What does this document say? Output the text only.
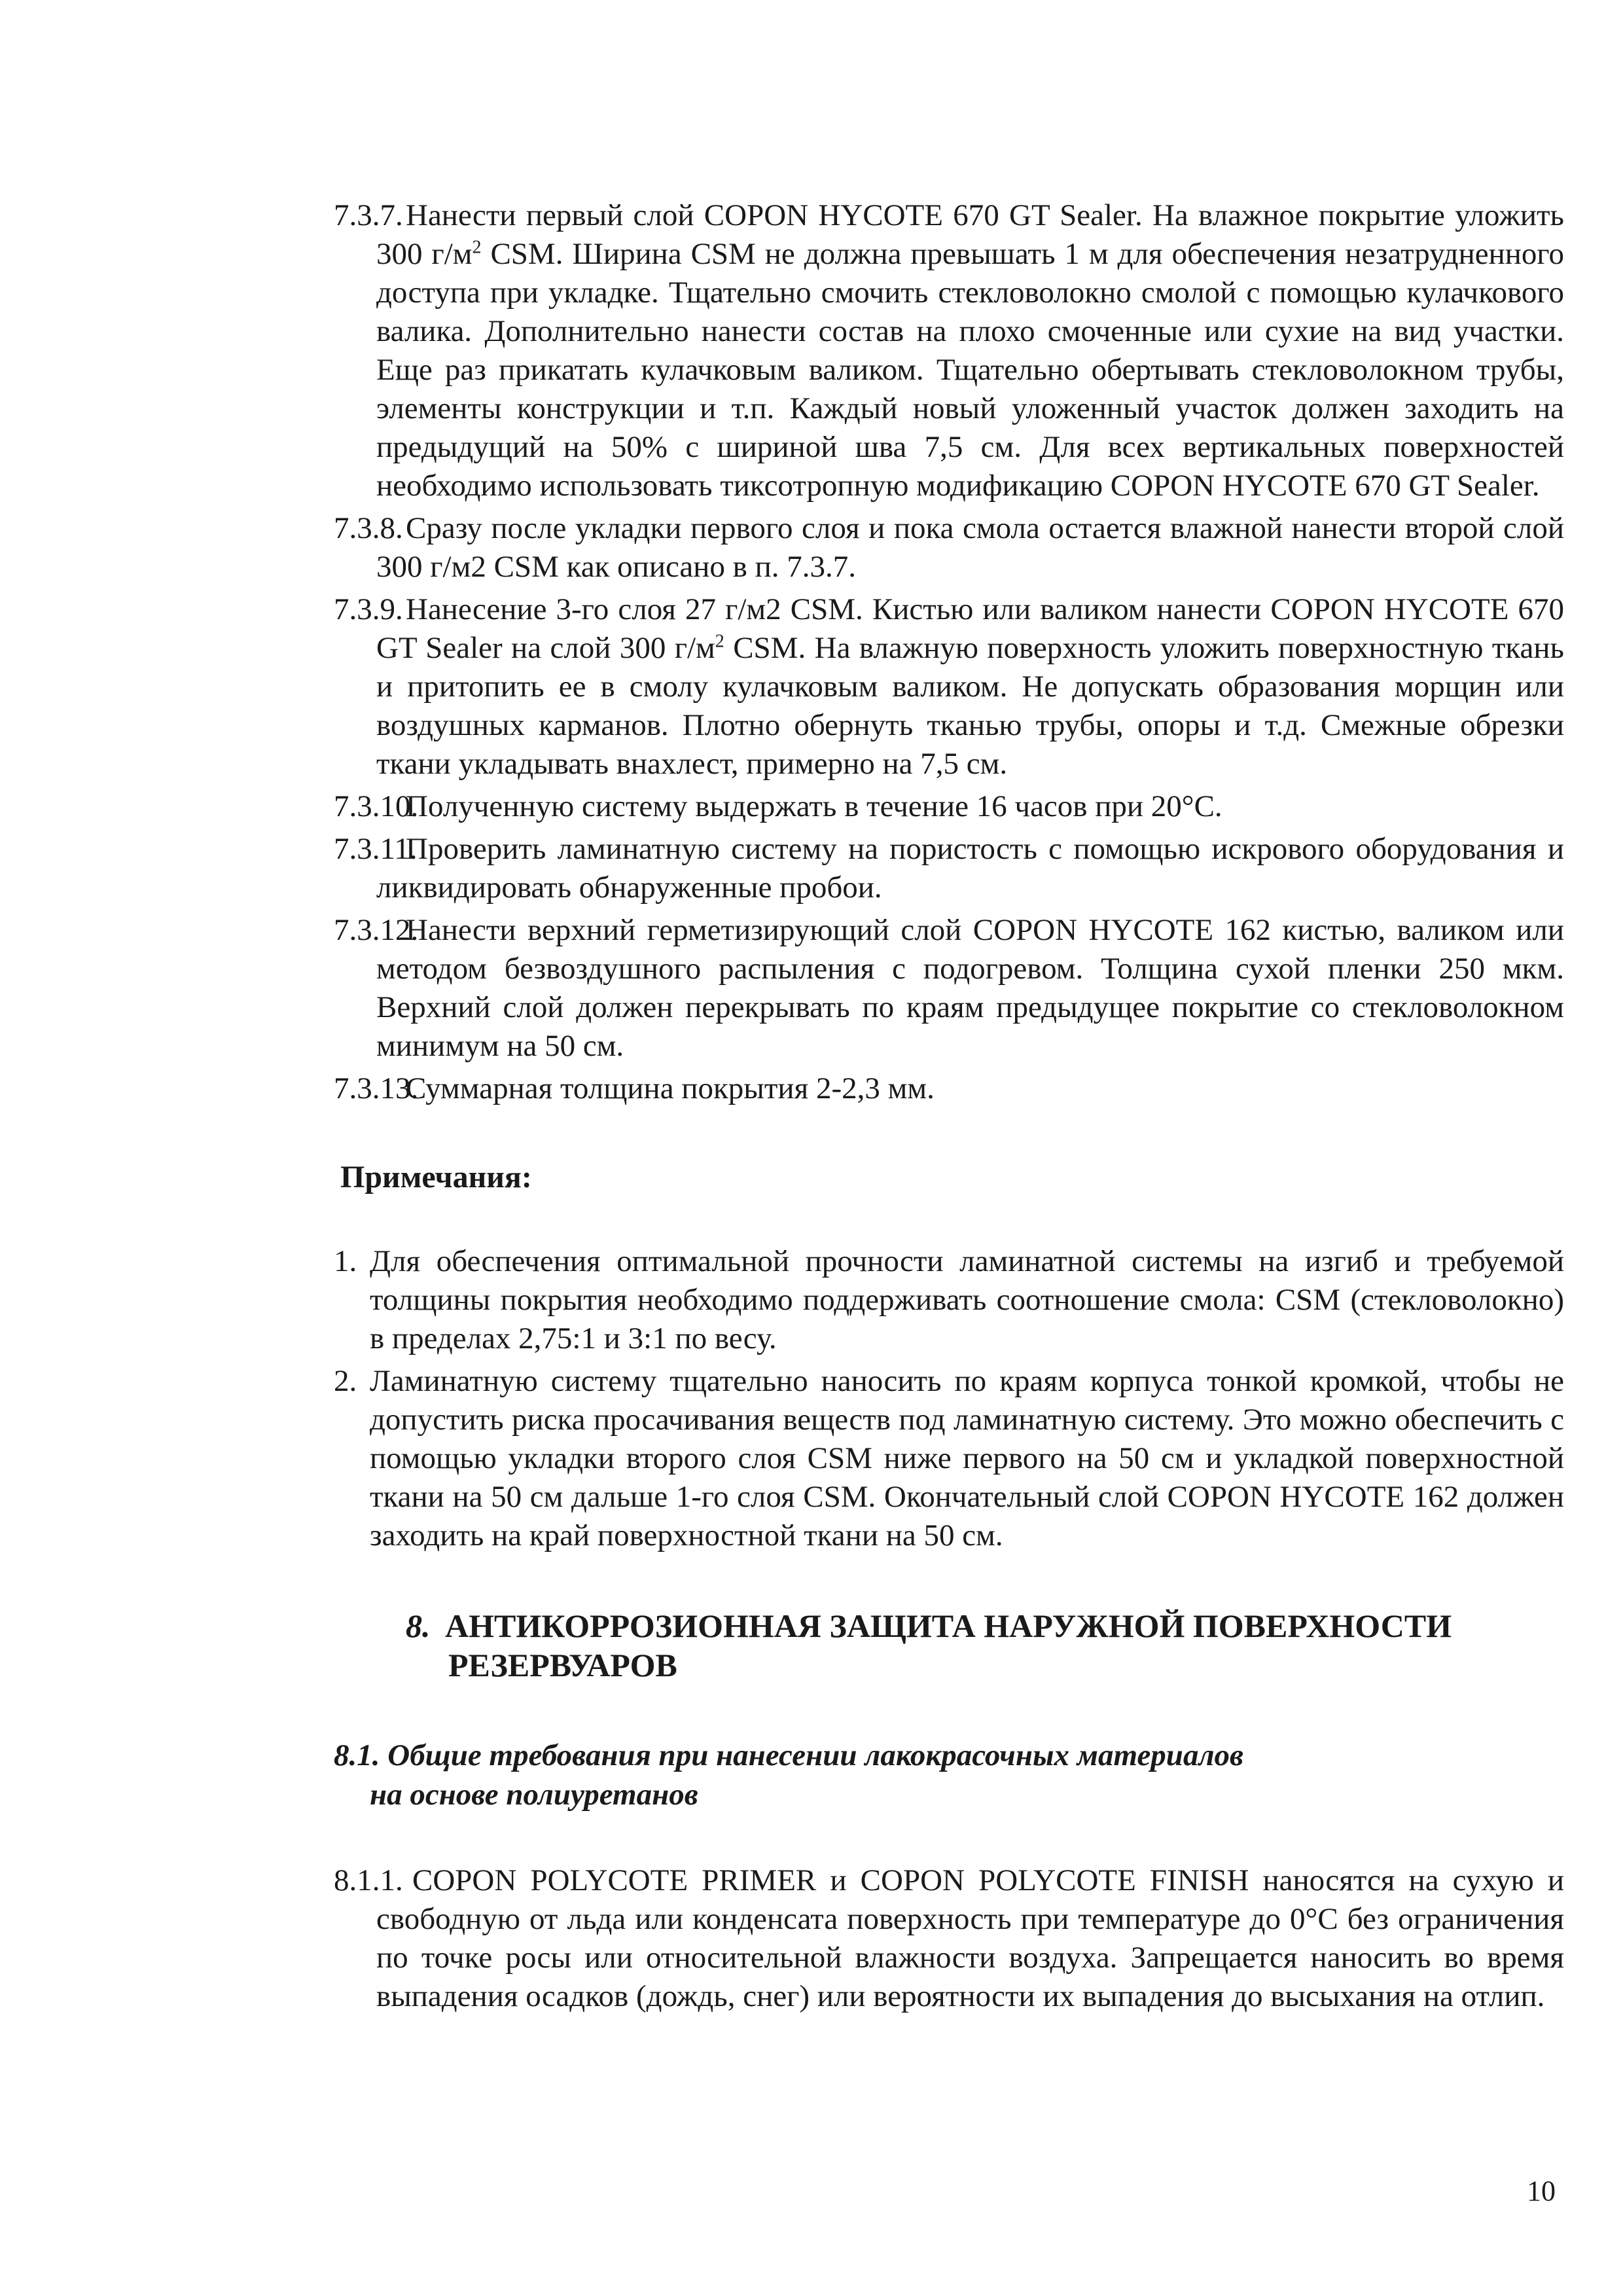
7.3.7.Нанести первый слой COPON HYCOTE 670 GT Sealer. На влажное покрытие уложить 300 $г/м^2$ CSM. Ширина CSM не должна превышать 1 м для обеспечения незатрудненного доступа при укладке. Тщательно смочить стекловолокно смолой с помощью кулачкового валика. Дополнительно нанести состав на плохо смоченные или сухие на вид участки. Еще раз прикатать кулачковым валиком. Тщательно обертывать стекловолокном трубы, элементы конструкции и т.п. Каждый новый уложенный участок должен заходить на предыдущий на 50% с шириной шва 7,5 см. Для всех вертикальных поверхностей необходимо использовать тиксотропную модификацию COPON HYCOTE 670 GT Sealer.

7.3.8.Сразу после укладки первого слоя и пока смола остается влажной нанести второй слой 300 г/м2 CSM как описано в п. 7.3.7.

7.3.9.Нанесение 3-го слоя 27 г/м2 CSM. Кистью или валиком нанести COPON HYCOTE 670 GT Sealer на слой 300 $г/м^2$ CSM. На влажную поверхность уложить поверхностную ткань и притопить ее в смолу кулачковым валиком. Не допускать образования морщин или воздушных карманов. Плотно обернуть тканью трубы, опоры и т.д. Смежные обрезки ткани укладывать внахлест, примерно на 7,5 см.

7.3.10.Полученную систему выдержать в течение 16 часов при 20°С.

7.3.11.Проверить ламинатную систему на пористость с помощью искрового оборудования и ликвидировать обнаруженные пробои.

7.3.12.Нанести верхний герметизирующий слой COPON HYCOTE 162 кистью, валиком или методом безвоздушного распыления с подогревом. Толщина сухой пленки 250 мкм. Верхний слой должен перекрывать по краям предыдущее покрытие со стекловолокном минимум на 50 см.

7.3.13.Суммарная толщина покрытия 2-2,3 мм.

Примечания:

1. Для обеспечения оптимальной прочности ламинатной системы на изгиб и требуемой толщины покрытия необходимо поддерживать соотношение смола: CSM (стекловолокно) в пределах 2,75:1 и 3:1 по весу.

2. Ламинатную систему тщательно наносить по краям корпуса тонкой кромкой, чтобы не допустить риска просачивания веществ под ламинатную систему. Это можно обеспечить с помощью укладки второго слоя CSM ниже первого на 50 см и укладкой поверхностной ткани на 50 см дальше 1-го слоя CSM. Окончательный слой COPON HYCOTE 162 должен заходить на край поверхностной ткани на 50 см.

8. АНТИКОРРОЗИОННАЯ ЗАЩИТА НАРУЖНОЙ ПОВЕРХНОСТИ
РЕЗЕРВУАРОВ
8.1. Общие требования при нанесении лакокрасочных материалов
на основе полиуретанов

8.1.1. COPON POLYCOTE PRIMER и COPON POLYCOTE FINISH наносятся на сухую и свободную от льда или конденсата поверхность при температуре до 0°С без ограничения по точке росы или относительной влажности воздуха. Запрещается наносить во время выпадения осадков (дождь, снег) или вероятности их выпадения до высыхания на отлип.

10
